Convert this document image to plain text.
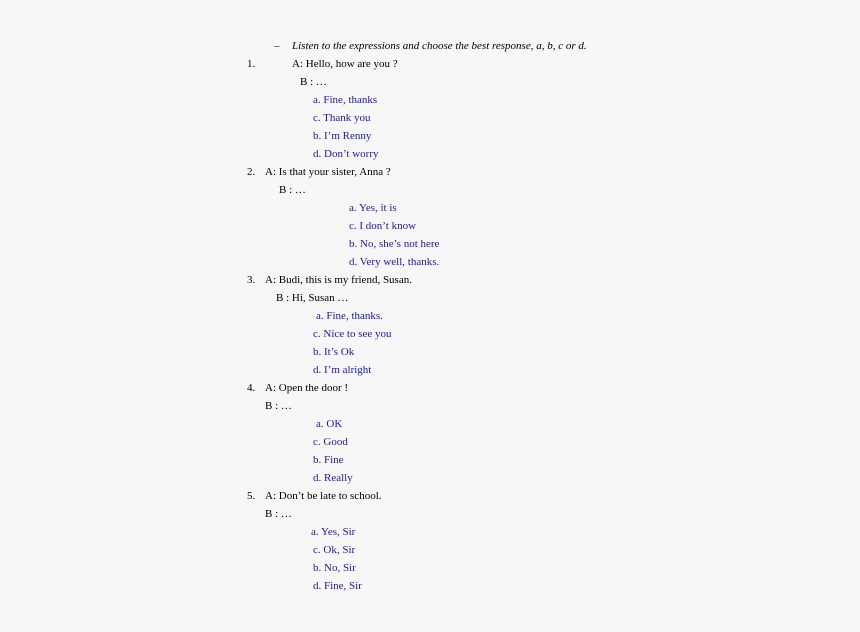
– Listen to the expressions and choose the best response, a, b, c or d.
1.	A: Hello, how are you ?
B : …
a. Fine, thanks
c. Thank you
b. I’m Renny
d. Don’t worry
2. A: Is that your sister, Anna ?
B : …
a. Yes, it is
c. I don’t know
b. No, she’s not here
d. Very well, thanks.
3. A: Budi, this is my friend, Susan.
B : Hi, Susan …
a. Fine, thanks.
c. Nice to see you
b. It’s Ok
d. I’m alright
4. A: Open the door !
B : …
a. OK
c. Good
b. Fine
d. Really
5. A: Don’t be late to school.
B : …
a. Yes, Sir
c. Ok, Sir
b. No, Sir
d. Fine, Sir
